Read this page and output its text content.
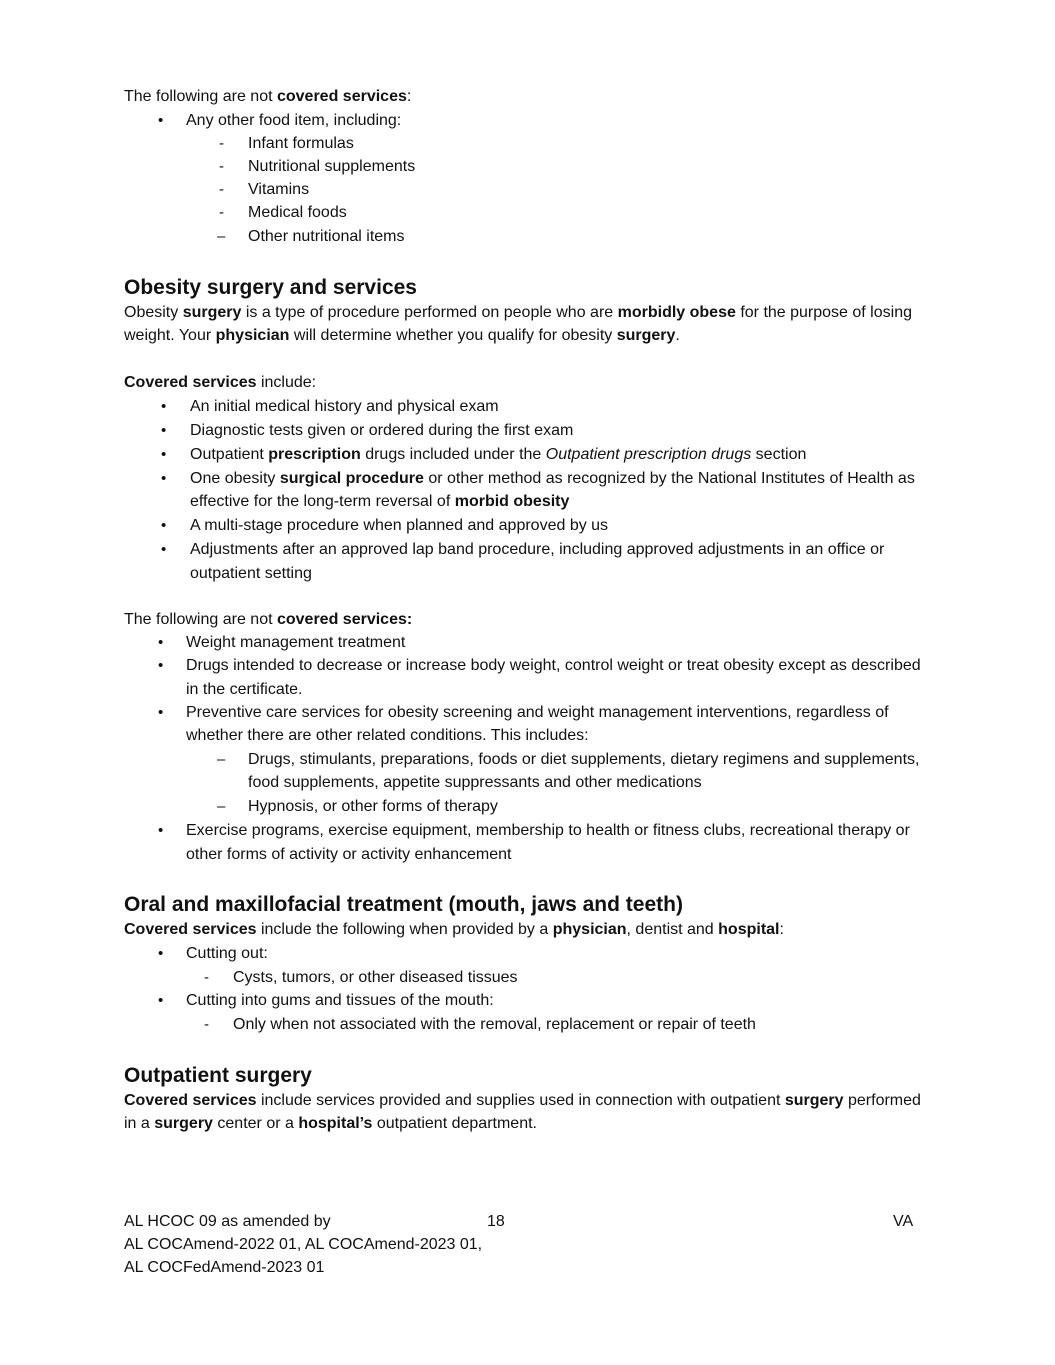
The following are not covered services:
• Any other food item, including:
- Infant formulas
- Nutritional supplements
- Vitamins
- Medical foods
– Other nutritional items
Obesity surgery and services
Obesity surgery is a type of procedure performed on people who are morbidly obese for the purpose of losing
weight. Your physician will determine whether you qualify for obesity surgery.
Covered services include:
• An initial medical history and physical exam
• Diagnostic tests given or ordered during the first exam
• Outpatient prescription drugs included under the Outpatient prescription drugs section
• One obesity surgical procedure or other method as recognized by the National Institutes of Health as
effective for the long-term reversal of morbid obesity
• A multi-stage procedure when planned and approved by us
• Adjustments after an approved lap band procedure, including approved adjustments in an office or
outpatient setting
The following are not covered services:
• Weight management treatment
• Drugs intended to decrease or increase body weight, control weight or treat obesity except as described
in the certificate.
• Preventive care services for obesity screening and weight management interventions, regardless of
whether there are other related conditions. This includes:
– Drugs, stimulants, preparations, foods or diet supplements, dietary regimens and supplements,
food supplements, appetite suppressants and other medications
– Hypnosis, or other forms of therapy
• Exercise programs, exercise equipment, membership to health or fitness clubs, recreational therapy or
other forms of activity or activity enhancement
Oral and maxillofacial treatment (mouth, jaws and teeth)
Covered services include the following when provided by a physician, dentist and hospital:
• Cutting out:
- Cysts, tumors, or other diseased tissues
• Cutting into gums and tissues of the mouth:
- Only when not associated with the removal, replacement or repair of teeth
Outpatient surgery
Covered services include services provided and supplies used in connection with outpatient surgery performed
in a surgery center or a hospital’s outpatient department.
AL HCOC 09 as amended by
AL COCAmend-2022 01, AL COCAmend-2023 01,
AL COCFedAmend-2023 01
18	VA
